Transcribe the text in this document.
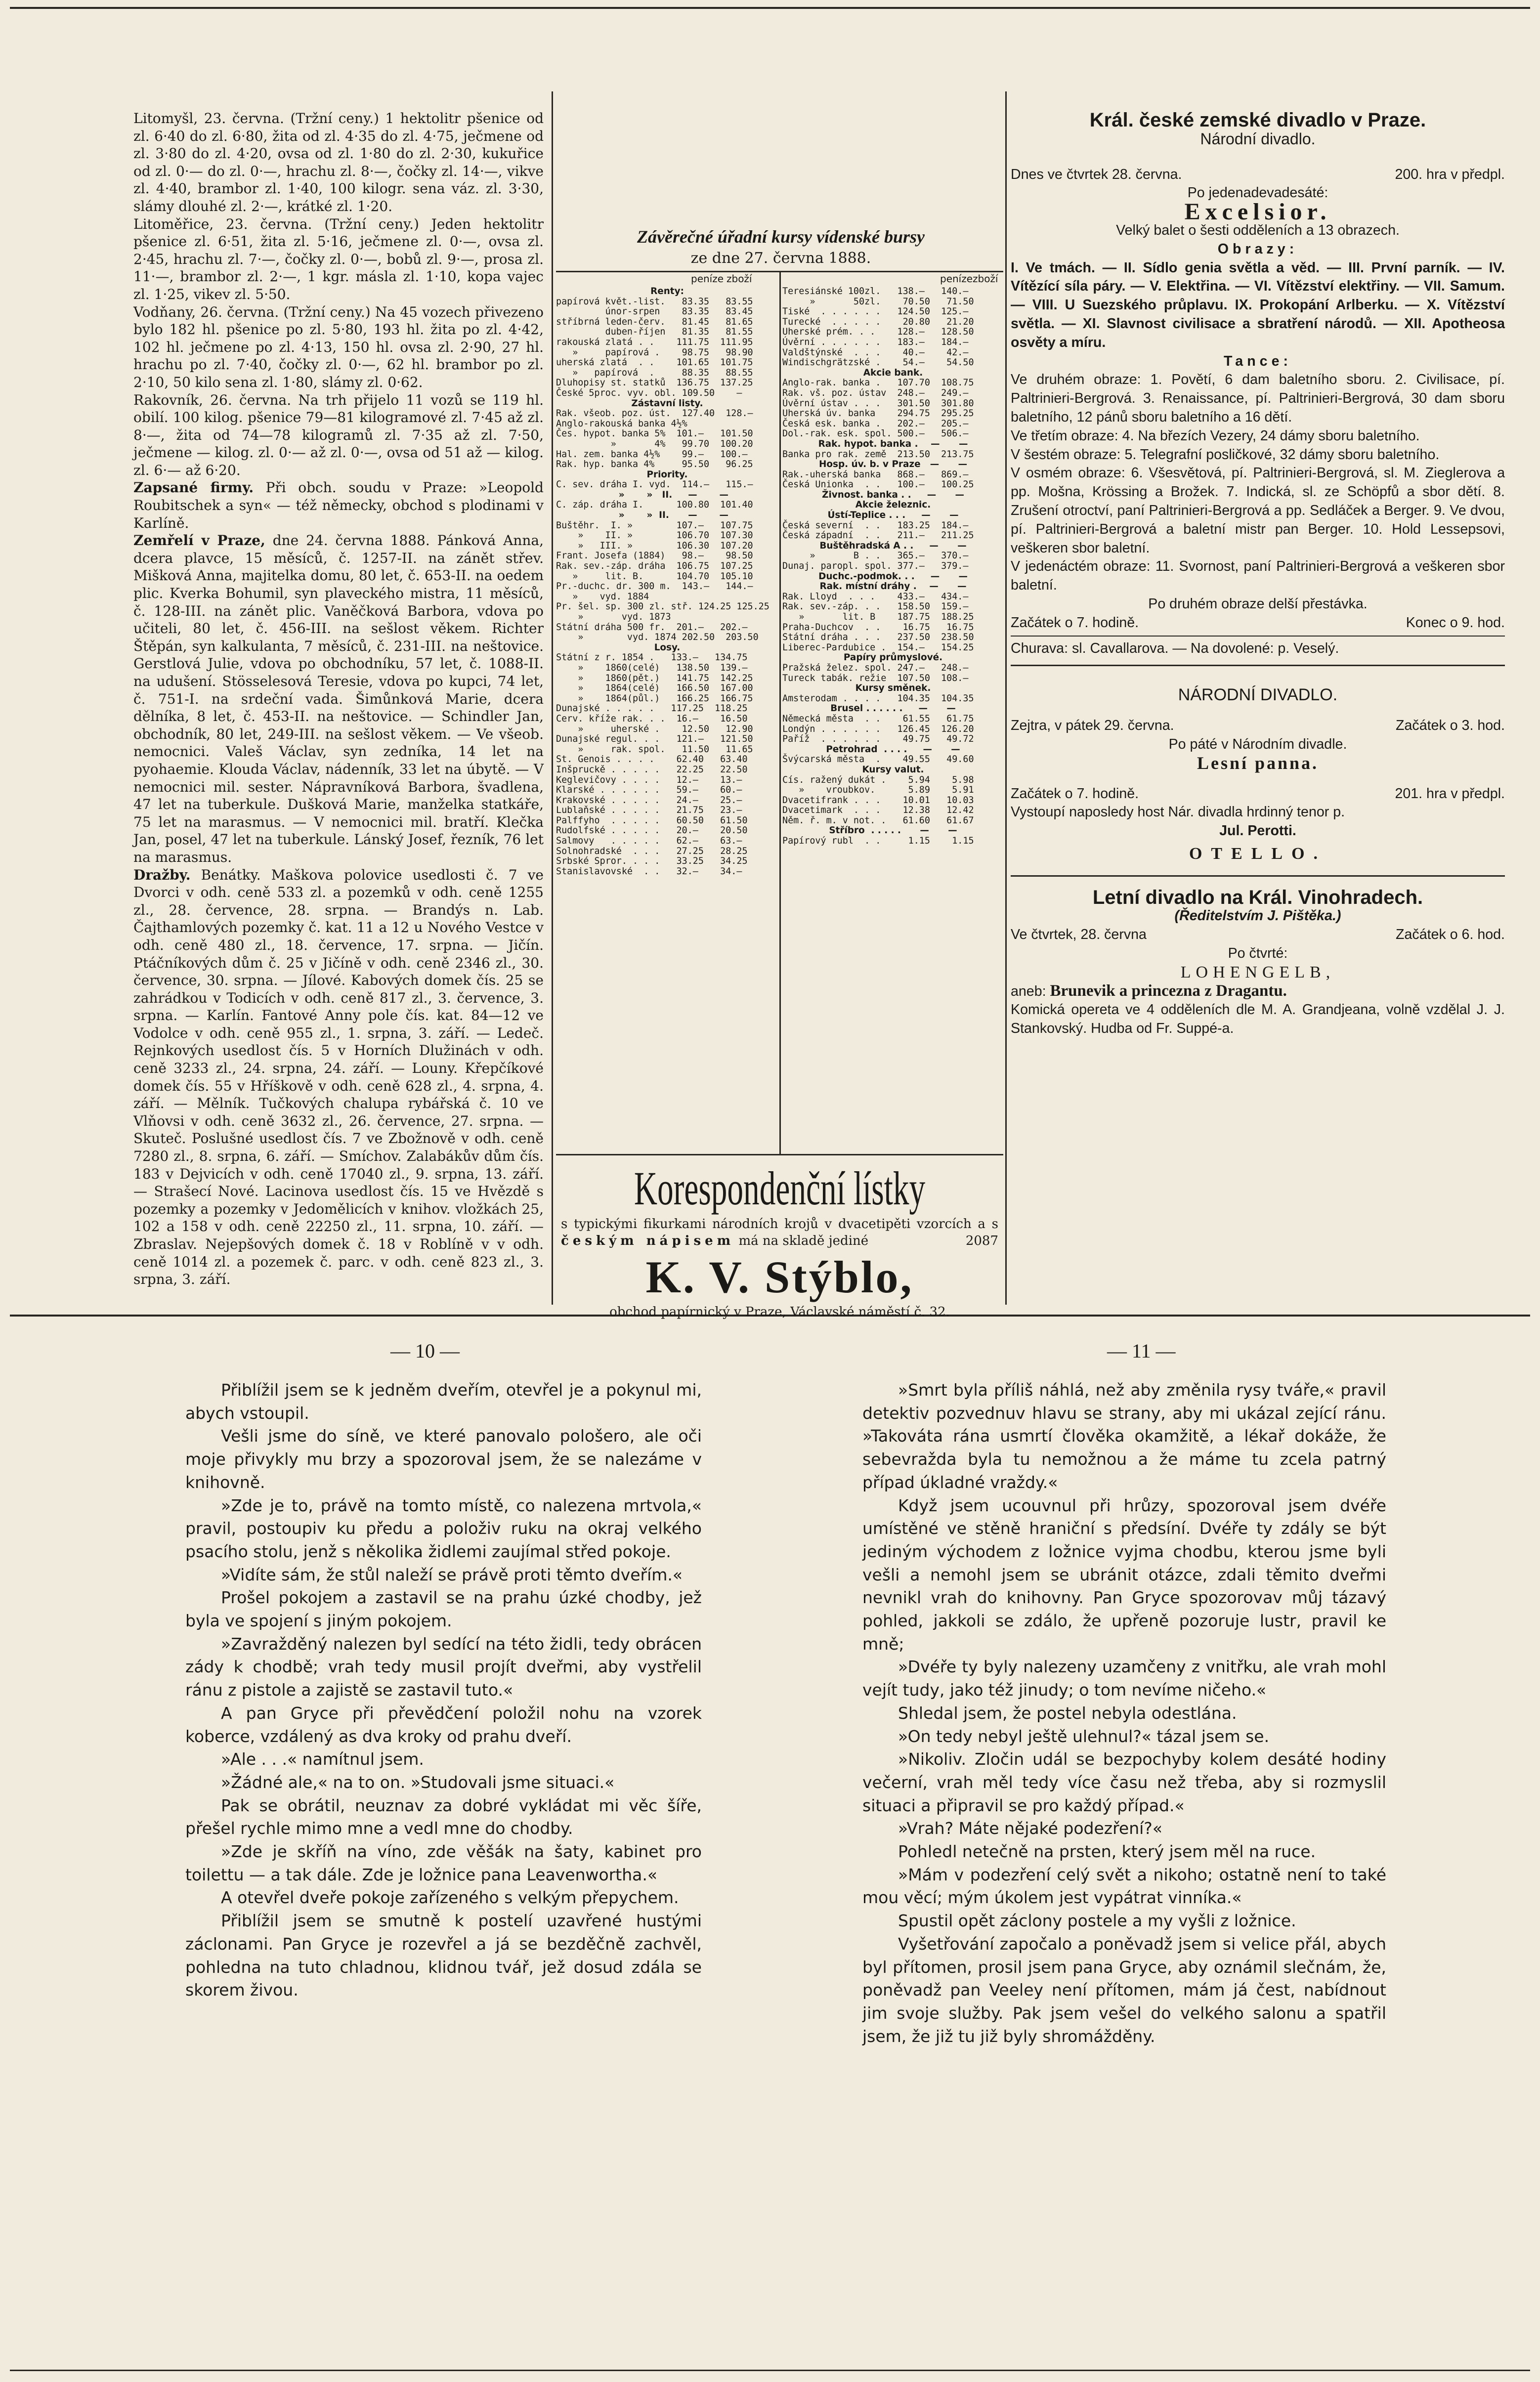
Litomyšl, 23. června. (Tržní ceny.) 1 hektolitr pšenice od zl. 6·40 do zl. 6·80, žita od zl. 4·35 do zl. 4·75, ječmene od zl. 3·80 do zl. 4·20, ovsa od zl. 1·80 do zl. 2·30, kukuřice od zl. 0·— do zl. 0·—, hrachu zl. 8·—, čočky zl. 14·—, vikve zl. 4·40, brambor zl. 1·40, 100 kilogr. sena váz. zl. 3·30, slámy dlouhé zl. 2·—, krátké zl. 1·20.

Litoměřice, 23. června. (Tržní ceny.) Jeden hektolitr pšenice zl. 6·51, žita zl. 5·16, ječmene zl. 0·—, ovsa zl. 2·45, hrachu zl. 7·—, čočky zl. 0·—, bobů zl. 9·—, prosa zl. 11·—, brambor zl. 2·—, 1 kgr. másla zl. 1·10, kopa vajec zl. 1·25, vikev zl. 5·50.

Vodňany, 26. června. (Tržní ceny.) Na 45 vozech přivezeno bylo 182 hl. pšenice po zl. 5·80, 193 hl. žita po zl. 4·42, 102 hl. ječmene po zl. 4·13, 150 hl. ovsa zl. 2·90, 27 hl. hrachu po zl. 7·40, čočky zl. 0·—, 62 hl. brambor po zl. 2·10, 50 kilo sena zl. 1·80, slámy zl. 0·62.

Rakovník, 26. června. Na trh přijelo 11 vozů se 119 hl. obilí. 100 kilog. pšenice 79—81 kilogramové zl. 7·45 až zl. 8·—, žita od 74—78 kilogramů zl. 7·35 až zl. 7·50, ječmene — kilog. zl. 0·— až zl. 0·—, ovsa od 51 až — kilog. zl. 6·— až 6·20.

Zapsané firmy. Při obch. soudu v Praze: »Leopold Roubitschek a syn« — též německy, obchod s plodinami v Karlíně.

Zemřelí v Praze, dne 24. června 1888. Pánková Anna, dcera plavce, 15 měsíců, č. 1257-II. na zánět střev. Mišková Anna, majitelka domu, 80 let, č. 653-II. na oedem plic. Kverka Bohumil, syn plaveckého mistra, 11 měsíců, č. 128-III. na zánět plic. Vaněčková Barbora, vdova po učiteli, 80 let, č. 456-III. na sešlost věkem. Richter Štěpán, syn kalkulanta, 7 měsíců, č. 231-III. na neštovice. Gerstlová Julie, vdova po obchodníku, 57 let, č. 1088-II. na udušení. Stösselesová Teresie, vdova po kupci, 74 let, č. 751-I. na srdeční vada. Šimůnková Marie, dcera dělníka, 8 let, č. 453-II. na neštovice. — Schindler Jan, obchodník, 80 let, 249-III. na sešlost věkem. — Ve všeob. nemocnici. Valeš Václav, syn zedníka, 14 let na pyohaemie. Klouda Václav, nádenník, 33 let na úbytě. — V nemocnici mil. sester. Nápravníková Barbora, švadlena, 47 let na tuberkule. Dušková Marie, manželka statkáře, 75 let na marasmus. — V nemocnici mil. bratří. Klečka Jan, posel, 47 let na tuberkule. Lánský Josef, řezník, 76 let na marasmus.

Dražby. Benátky. Maškova polovice usedlosti č. 7 ve Dvorci v odh. ceně 533 zl. a pozemků v odh. ceně 1255 zl., 28. července, 28. srpna. — Brandýs n. Lab. Čajthamlových pozemky č. kat. 11 a 12 u Nového Vestce v odh. ceně 480 zl., 18. července, 17. srpna. — Jičín. Ptáčníkových dům č. 25 v Jičíně v odh. ceně 2346 zl., 30. července, 30. srpna. — Jílové. Kabových domek čís. 25 se zahrádkou v Todicích v odh. ceně 817 zl., 3. července, 3. srpna. — Karlín. Fantové Anny pole čís. kat. 84—12 ve Vodolce v odh. ceně 955 zl., 1. srpna, 3. září. — Ledeč. Rejnkových usedlost čís. 5 v Horních Dlužinách v odh. ceně 3233 zl., 24. srpna, 24. září. — Louny. Křepčíkové domek čís. 55 v Hříškově v odh. ceně 628 zl., 4. srpna, 4. září. — Mělník. Tučkových chalupa rybářská č. 10 ve Vlňovsi v odh. ceně 3632 zl., 26. července, 27. srpna. — Skuteč. Poslušné usedlost čís. 7 ve Zbožnově v odh. ceně 7280 zl., 8. srpna, 6. září. — Smíchov. Zalabákův dům čís. 183 v Dejvicích v odh. ceně 17040 zl., 9. srpna, 13. září. — Strašecí Nové. Lacinova usedlost čís. 15 ve Hvězdě s pozemky a pozemky v Jedomělicích v knihov. vložkách 25, 102 a 158 v odh. ceně 22250 zl., 11. srpna, 10. září. — Zbraslav. Nejepšových domek č. 18 v Roblíně v v odh. ceně 1014 zl. a pozemek č. parc. v odh. ceně 823 zl., 3. srpna, 3. září.

Závěrečné úřadní kursy vídenské bursy
ze dne 27. června 1888.
peníze zboží	peníze zboží
Renty:
papírová květ.-list.   83.35   83.55
únor-srpen    83.35   83.45
stříbrná leden-červ.   81.45   81.65
duben-říjen   81.35   81.55
rakouská zlatá . .    111.75  111.95
»     papírová .    98.75   98.90
uherská zlatá  . .    101.65  101.75
»   papírová  .     88.35   88.55
Dluhopisy st. statků  136.75  137.25
České 5proc. vyv. obl. 109.50    —
Zástavní listy.
Rak. všeob. poz. úst.  127.40  128.—
Anglo-rakouská banka 4½%
Čes. hypot. banka 5%  101.—   101.50
»       4%   99.70  100.20
Hal. zem. banka 4½%    99.—   100.—
Rak. hyp. banka 4%     95.50   96.25
Priority.
C. sev. dráha I. vyd.  114.—   115.—
»       »   II.     —       —
C. záp. dráha I.      100.80  101.40
»       »  II.      —       —
Buštěhr.  I. »        107.—   107.75
»    II. »        106.70  107.30
»   III. »        106.30  107.20
Frant. Josefa (1884)   98.—    98.50
Rak. sev.-záp. dráha  106.75  107.25
»     lit. B.      104.70  105.10
Pr.-duchc. dr. 300 m.  143.—   144.—
»    vyd. 1884
Pr. šel. sp. 300 zl. stř. 124.25 125.25
»       vyd. 1873
Státní dráha 500 fr.  201.—   202.—
»        vyd. 1874 202.50  203.50
Losy.
Státní z r. 1854 .   133.—   134.75
»    1860(celé)   138.50  139.—
»    1860(pět.)   141.75  142.25
»    1864(celé)   166.50  167.00
»    1864(půl.)   166.25  166.75
Dunajské . . . . .   117.25  118.25
Cerv. kříže rak. . .  16.—    16.50
»     uherské .    12.50   12.90
Dunajské regul. . .   121.—   121.50
»     rak. spol.   11.50   11.65
St. Genois . . . .    62.40   63.40
Inšpruckě . . . . .   22.25   22.50
Keglevičovy . . . .   12.—    13.—
Klarské . . . . . .   59.—    60.—
Krakovské . . . . .   24.—    25.—
Lublaňské . . . . .   21.75   23.—
Palffyho  . . . . .   60.50   61.50
Rudolfské . . . . .   20.—    20.50
Salmovy   . . . . .   62.—    63.—
Solnohradské  . . .   27.25   28.25
Srbské Spror. . . .   33.25   34.25
Stanislavovské  . .   32.—    34.—
Teresiánské 100zl.   138.—   140.—
»       50zl.    70.50   71.50
Tiské  . . . . . .   124.50  125.—
Turecké  . . . . .    20.80   21.20
Uherské prém. . .    128.—   128.50
Úvěrní . . . . . .   183.—   184.—
Valdštýnské  . . .    40.—    42.—
Windischgrätzské .    54.—    54.50
Akcie bank.
Anglo-rak. banka .   107.70  108.75
Rak. vš. poz. ústav  248.—   249.—
Úvěrní ústav . . .   301.50  301.80
Uherská úv. banka    294.75  295.25
Česká esk. banka .   202.—   205.—
Dol.-rak. esk. spol. 500.—   506.—
Rak. hypot. banka .    —      —
Banka pro rak. země  213.50  213.75
Hosp. úv. b. v Praze   —      —
Rak.-uherská banka   868.—   869.—
Česká Unionka  . .   100.—   100.25
Živnost. banka . .     —      —
Akcie železnic.
Ústí-Teplice . . .     —      —
Česká severní  . .   183.25  184.—
Česká západní  . .   211.—   211.25
Buštěhradská A . .     —      —
»       B . .   365.—   370.—
Dunaj. paropl. spol. 377.—   379.—
Duchc.-podmok. . .     —      —
Rak. místní dráhy .    —      —
Rak. Lloyd  . . .    433.—   434.—
Rak. sev.-záp. . .   158.50  159.—
»       lit. B    187.75  188.25
Praha-Duchcov  . .    16.75   16.75
Státní dráha . . .   237.50  238.50
Liberec-Pardubice .  154.—   154.25
Papíry průmyslové.
Pražská želez. spol. 247.—   248.—
Tureck tabák. režie  107.50  108.—
Kursy směnek.
Amsterodam . . . .   104.35  104.35
Brusel . . . . . .     —      —
Německá města  . .    61.55   61.75
Londýn . . . . . .   126.45  126.20
Paříž  . . . . . .    49.75   49.72
Petrohrad  . . . .     —      —
Švýcarská města  .    49.55   49.60
Kursy valut.
Cís. ražený dukát .    5.94    5.98
»    vroubkov.      5.89    5.91
Dvacetifrank . . .    10.01   10.03
Dvacetimark  . . .    12.38   12.42
Něm. ř. m. v not. .   61.60   61.67
Stříbro  . . . . .      —      —
Papírový rubl  . .     1.15    1.15
Korespondenční lístky
s typickými fikurkami národních krojů v dvacetipěti vzorcích a s českým nápisem má na skladě jediné	2087
K. V. Stýblo,
obchod papírnický v Praze, Václavské náměstí č. 32.

Král. české zemské divadlo v Praze.

Národní divadlo.

Dnes ve čtvrtek 28. června.	200. hra v předpl.

Po jedenadevadesáté:

Excelsior.

Velký balet o šesti odděleních a 13 obrazech.

Obrazy:

I. Ve tmách. — II. Sídlo genia světla a věd. — III. První parník. — IV. Vítězící síla páry. — V. Elektřina. — VI. Vítězství elektřiny. — VII. Samum. — VIII. U Suezského průplavu. IX. Prokopání Arlberku. — X. Vítězství světla. — XI. Slavnost civilisace a sbratření národů. — XII. Apotheosa osvěty a míru.

Tance:

Ve druhém obraze: 1. Povětí, 6 dam baletního sboru. 2. Civilisace, pí. Paltrinieri-Bergrová. 3. Renaissance, pí. Paltrinieri-Bergrová, 30 dam sboru baletního, 12 pánů sboru baletního a 16 dětí.

Ve třetím obraze: 4. Na březích Vezery, 24 dámy sboru baletního.

V šestém obraze: 5. Telegrafní posličkové, 32 dámy sboru baletního.

V osmém obraze: 6. Všesvětová, pí. Paltrinieri-Bergrová, sl. M. Zieglerova a pp. Mošna, Krössing a Brožek. 7. Indická, sl. ze Schöpfů a sbor dětí. 8. Zrušení otroctví, paní Paltrinieri-Bergrová a pp. Sedláček a Berger. 9. Ve dvou, pí. Paltrinieri-Bergrová a baletní mistr pan Berger. 10. Hold Lessepsovi, veškeren sbor baletní.

V jedenáctém obraze: 11. Svornost, paní Paltrinieri-Bergrová a veškeren sbor baletní.

Po druhém obraze delší přestávka.

Začátek o 7. hodině.	Konec o 9. hod.

Churava: sl. Cavallarova. — Na dovolené: p. Veselý.

NÁRODNÍ DIVADLO.

Zejtra, v pátek 29. června.	Začátek o 3. hod.

Po páté v Národním divadle.

Lesní panna.

Začátek o 7. hodině.	201. hra v předpl.

Vystoupí naposledy host Nár. divadla hrdinný tenor p.

Jul. Perotti.

OTELLO.

Letní divadlo na Král. Vinohradech.

(Ředitelstvím J. Pištěka.)

Ve čtvrtek, 28. června	Začátek o 6. hod.

Po čtvrté:

LOHENGELB,

aneb: Brunevik a princezna z Dragantu.

Komická opereta ve 4 odděleních dle M. A. Grandjeana, volně vzdělal J. J. Stankovský. Hudba od Fr. Suppé-a.

— 10 —	— 11 —

Přiblížil jsem se k jedněm dveřím, otevřel je a pokynul mi, abych vstoupil.

Vešli jsme do síně, ve které panovalo pološero, ale oči moje přivykly mu brzy a spozoroval jsem, že se nalezáme v knihovně.

»Zde je to, právě na tomto místě, co nalezena mrtvola,« pravil, postoupiv ku předu a položiv ruku na okraj velkého psacího stolu, jenž s několika židlemi zaujímal střed pokoje.

»Vidíte sám, že stůl naleží se právě proti těmto dveřím.«

Prošel pokojem a zastavil se na prahu úzké chodby, jež byla ve spojení s jiným pokojem.

»Zavražděný nalezen byl sedící na této židli, tedy obrácen zády k chodbě; vrah tedy musil projít dveřmi, aby vystřelil ránu z pistole a zajistě se zastavil tuto.«

A pan Gryce při převědčení položil nohu na vzorek koberce, vzdálený as dva kroky od prahu dveří.

»Ale . . .« namítnul jsem.

»Žádné ale,« na to on. »Studovali jsme situaci.«

Pak se obrátil, neuznav za dobré vykládat mi věc šíře, přešel rychle mimo mne a vedl mne do chodby.

»Zde je skříň na víno, zde věšák na šaty, kabinet pro toilettu — a tak dále. Zde je ložnice pana Leavenwortha.«

A otevřel dveře pokoje zařízeného s velkým přepychem.

Přiblížil jsem se smutně k postelí uzavřené hustými záclonami. Pan Gryce je rozevřel a já se bezděčně zachvěl, pohledna na tuto chladnou, klidnou tvář, jež dosud zdála se skorem živou.

»Smrt byla příliš náhlá, než aby změnila rysy tváře,« pravil detektiv pozvednuv hlavu se strany, aby mi ukázal zející ránu. »Takováta rána usmrtí člověka okamžitě, a lékař dokáže, že sebevražda byla tu nemožnou a že máme tu zcela patrný případ úkladné vraždy.«

Když jsem ucouvnul při hrůzy, spozoroval jsem dvéře umístěné ve stěně hraniční s předsíní. Dvéře ty zdály se být jediným východem z ložnice vyjma chodbu, kterou jsme byli vešli a nemohl jsem se ubránit otázce, zdali těmito dveřmi nevnikl vrah do knihovny. Pan Gryce spozorovav můj tázavý pohled, jakkoli se zdálo, že upřeně pozoruje lustr, pravil ke mně;

»Dvéře ty byly nalezeny uzamčeny z vnitřku, ale vrah mohl vejít tudy, jako též jinudy; o tom nevíme ničeho.«

Shledal jsem, že postel nebyla odestlána.

»On tedy nebyl ještě ulehnul?« tázal jsem se.

»Nikoliv. Zločin udál se bezpochyby kolem desáté hodiny večerní, vrah měl tedy více času než třeba, aby si rozmyslil situaci a připravil se pro každý případ.«

»Vrah? Máte nějaké podezření?«

Pohledl netečně na prsten, který jsem měl na ruce.

»Mám v podezření celý svět a nikoho; ostatně není to také mou věcí; mým úkolem jest vypátrat vinníka.«

Spustil opět záclony postele a my vyšli z ložnice.

Vyšetřování započalo a poněvadž jsem si velice přál, abych byl přítomen, prosil jsem pana Gryce, aby oznámil slečnám, že, poněvadž pan Veeley není přítomen, mám já čest, nabídnout jim svoje služby. Pak jsem vešel do velkého salonu a spatřil jsem, že již tu již byly shromážděny.
